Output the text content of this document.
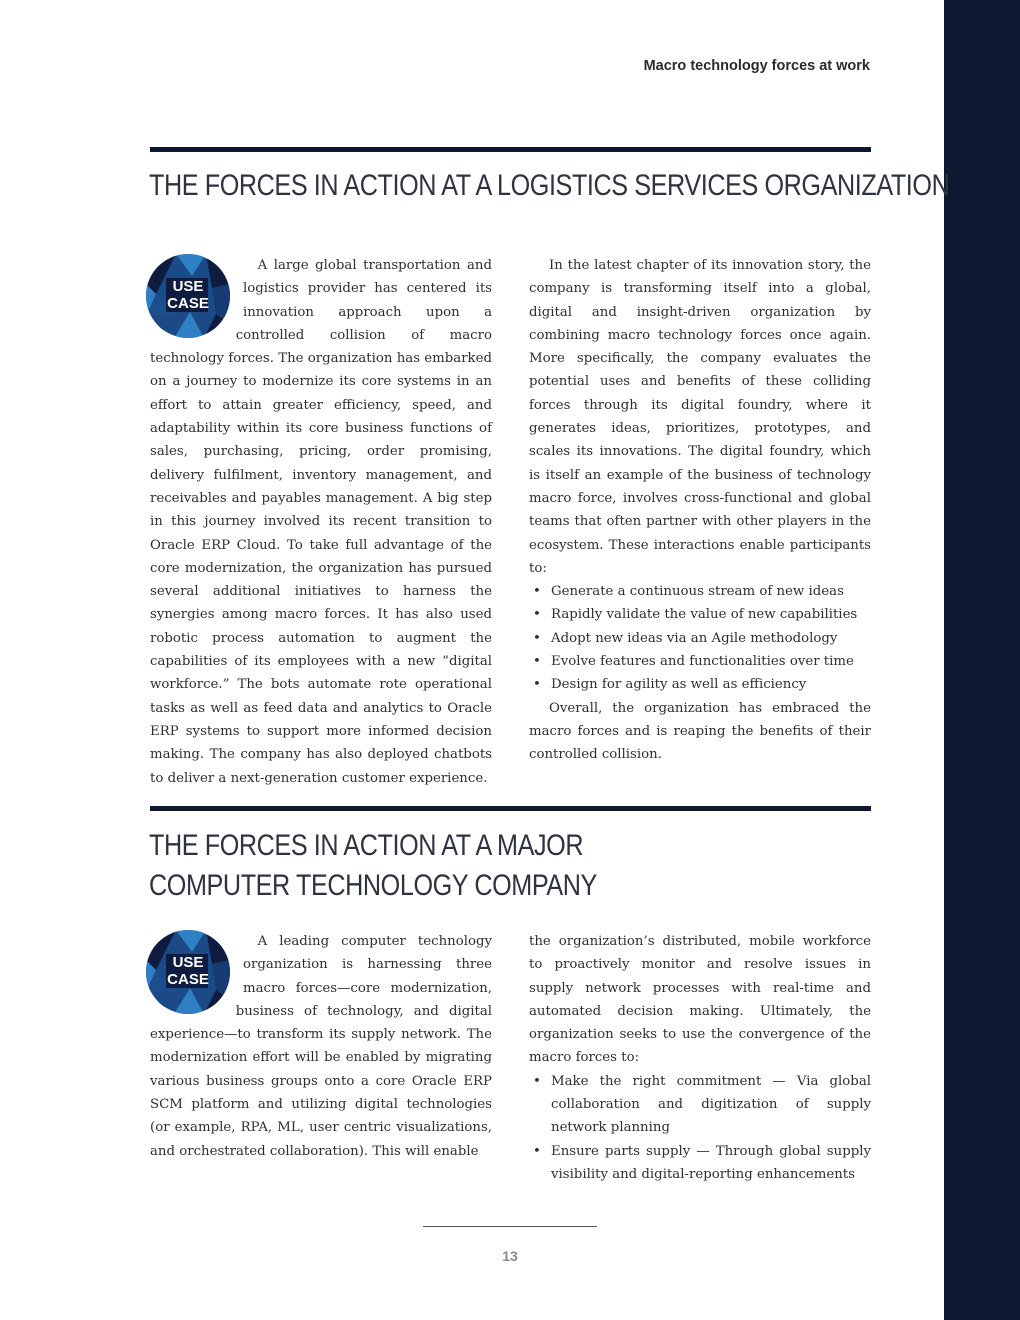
Macro technology forces at work
THE FORCES IN ACTION AT A LOGISTICS SERVICES ORGANIZATION
USE
CASE

A large global transportation and logistics provider has centered its innovation approach upon a controlled collision of macro technology forces. The organization has embarked on a journey to modernize its core systems in an effort to attain greater efficiency, speed, and adaptability within its core business functions of sales, purchasing, pricing, order promising, delivery fulfilment, inventory management, and receivables and payables management. A big step in this journey involved its recent transition to Oracle ERP Cloud. To take full advantage of the core modernization, the organization has pursued several additional initiatives to harness the synergies among macro forces. It has also used robotic process automation to augment the capabilities of its employees with a new “digital workforce.” The bots automate rote operational tasks as well as feed data and analytics to Oracle ERP systems to support more informed decision making. The company has also deployed chatbots to deliver a next-generation customer experience.

In the latest chapter of its innovation story, the company is transforming itself into a global, digital and insight-driven organization by combining macro technology forces once again. More specifically, the company evaluates the potential uses and benefits of these colliding forces through its digital foundry, where it generates ideas, prioritizes, prototypes, and scales its innovations. The digital foundry, which is itself an example of the business of technology macro force, involves cross-functional and global teams that often partner with other players in the ecosystem. These interactions enable participants to:

• Generate a continuous stream of new ideas
• Rapidly validate the value of new capabilities
• Adopt new ideas via an Agile methodology
• Evolve features and functionalities over time
• Design for agility as well as efficiency

Overall, the organization has embraced the macro forces and is reaping the benefits of their controlled collision.

THE FORCES IN ACTION AT A MAJOR
COMPUTER TECHNOLOGY COMPANY
USE
CASE

A leading computer technology organization is harnessing three macro forces—core modernization, business of technology, and digital experience—to transform its supply network. The modernization effort will be enabled by migrating various business groups onto a core Oracle ERP SCM platform and utilizing digital technologies (or example, RPA, ML, user centric visualizations, and orchestrated collaboration). This will enable

the organization’s distributed, mobile workforce to proactively monitor and resolve issues in supply network processes with real-time and automated decision making. Ultimately, the organization seeks to use the convergence of the macro forces to:

• Make the right commitment — Via global collaboration and digitization of supply network planning
• Ensure parts supply — Through global supply visibility and digital-reporting enhancements
13
